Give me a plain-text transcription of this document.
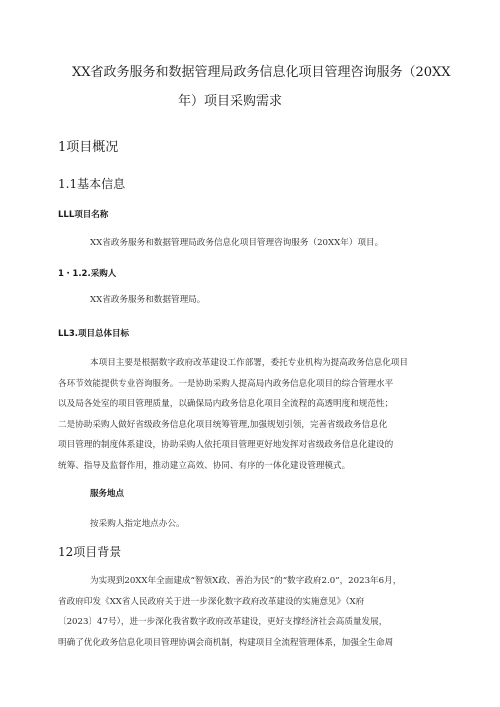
XX省政务服务和数据管理局政务信息化项目管理咨询服务（20XX
年）项目采购需求
1项目概况
1.1基本信息
LLL项目名称
XX省政务服务和数据管理局政务信息化项目管理咨询服务（20XX年）项目。
1・1.2.采购人
XX省政务服务和数据管理局。
LL3.项目总体目标
本项目主要是根据数字政府改革建设工作部署，委托专业机构为提高政务信息化项目
各环节效能提供专业咨询服务。一是协助采购人提高局内政务信息化项目的综合管理水平
以及局各处室的项目管理质量，以确保局内政务信息化项目全流程的高透明度和规范性；
二是协助采购人做好省级政务信息化项目统筹管理,加强规划引领，完善省级政务信息化
项目管理的制度体系建设，协助采购人依托项目管理更好地发挥对省级政务信息化建设的
统筹、指导及监督作用，推动建立高效、协同、有序的一体化建设管理模式。
服务地点
按采购人指定地点办公。
12项目背景
为实现到20XX年全面建成“智领X政、善治为民”的“数字政府2.0”，2023年6月，
省政府印发《XX省人民政府关于进一步深化数字政府改革建设的实施意见》（X府
〔2023〕47号），进一步深化我省数字政府改革建设，更好支撑经济社会高质量发展，
明确了优化政务信息化项目管理协调会商机制，构建项目全流程管理体系，加强全生命周
